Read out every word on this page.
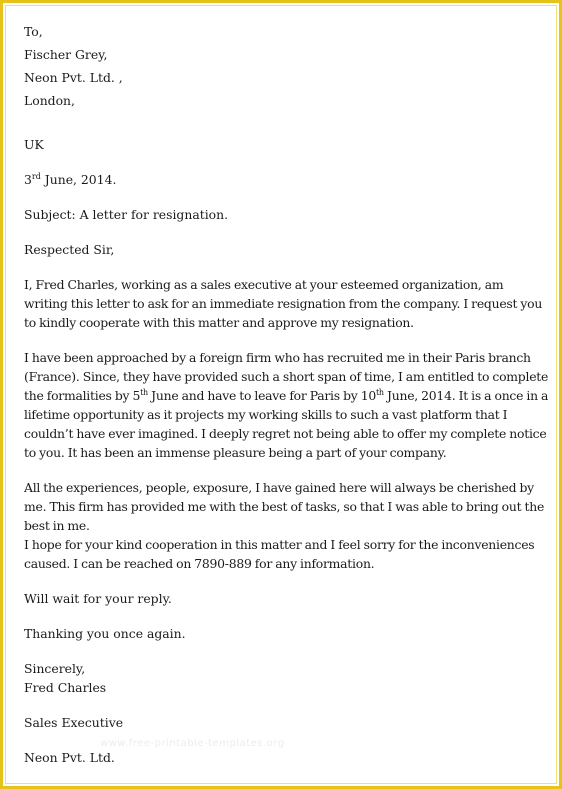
To,

Fischer Grey,

Neon Pvt. Ltd. ,

London,

UK

3rd June, 2014.

Subject: A letter for resignation.

Respected Sir,

I, Fred Charles, working as a sales executive at your esteemed organization, am writing this letter to ask for an immediate resignation from the company. I request you to kindly cooperate with this matter and approve my resignation.

I have been approached by a foreign firm who has recruited me in their Paris branch (France). Since, they have provided such a short span of time, I am entitled to complete the formalities by 5th June and have to leave for Paris by 10th June, 2014. It is a once in a lifetime opportunity as it projects my working skills to such a vast platform that I couldn’t have ever imagined. I deeply regret not being able to offer my complete notice to you. It has been an immense pleasure being a part of your company.

All the experiences, people, exposure, I have gained here will always be cherished by me. This firm has provided me with the best of tasks, so that I was able to bring out the best in me.

I hope for your kind cooperation in this matter and I feel sorry for the inconveniences caused. I can be reached on 7890-889 for any information.

Will wait for your reply.

Thanking you once again.

Sincerely,

Fred Charles

Sales Executive

Neon Pvt. Ltd.

www.free-printable-templates.org
